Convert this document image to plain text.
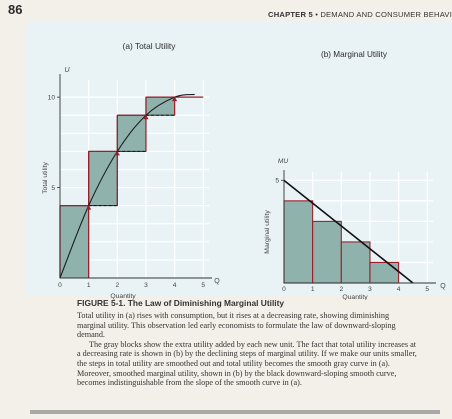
86	CHAPTER 5 • DEMAND AND CONSUMER BEHAVI
(a) Total Utility
0	1	2	3	4	5
5
10
U
Q
Quantity
Total utility
(b) Marginal Utility
0	1	2	3	4	5
5
MU
Q
Quantity
Marginal utility
FIGURE 5-1. The Law of Diminishing Marginal Utility

Total utility in (a) rises with consumption, but it rises at a decreasing rate, showing diminishing marginal utility. This observation led early economists to formulate the law of downward-sloping demand.

The gray blocks show the extra utility added by each new unit. The fact that total utility increases at a decreasing rate is shown in (b) by the declining steps of marginal utility. If we make our units smaller, the steps in total utility are smoothed out and total utility becomes the smooth gray curve in (a). Moreover, smoothed marginal utility, shown in (b) by the black downward-sloping smooth curve, becomes indistinguishable from the slope of the smooth curve in (a).
